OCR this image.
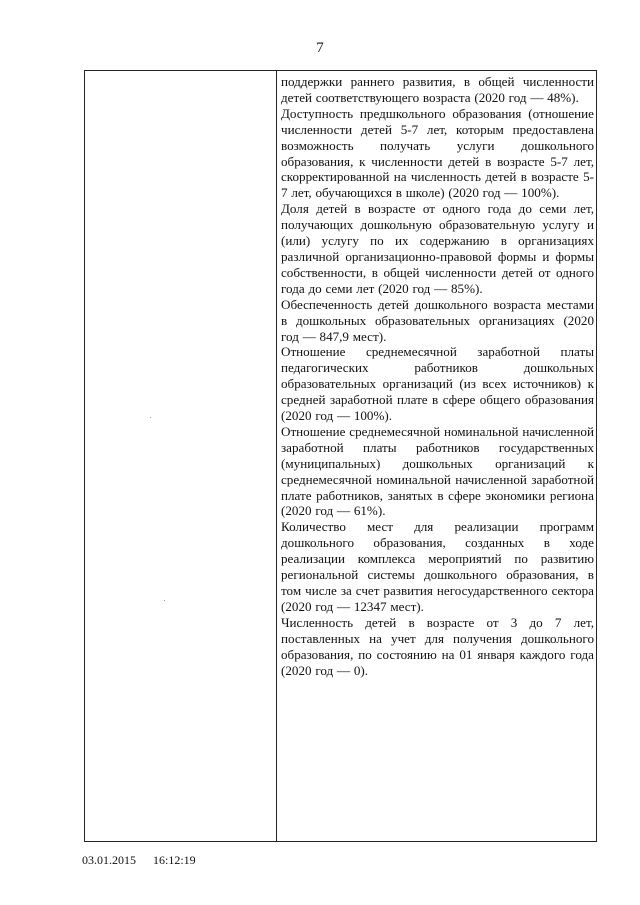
7

поддержки раннего развития, в общей численности детей соответствующего возраста (2020 год — 48%).

Доступность предшкольного образования (отношение численности детей 5-7 лет, которым предоставлена возможность получать услуги дошкольного образования, к численности детей в возрасте 5-7 лет, скорректированной на численность детей в возрасте 5-7 лет, обучающихся в школе) (2020 год — 100%).

Доля детей в возрасте от одного года до семи лет, получающих дошкольную образовательную услугу и (или) услугу по их содержанию в организациях различной организационно-правовой формы и формы собственности, в общей численности детей от одного года до семи лет (2020 год — 85%).

Обеспеченность детей дошкольного возраста местами в дошкольных образовательных организациях (2020 год — 847,9 мест).

Отношение среднемесячной заработной платы педагогических работников дошкольных образовательных организаций (из всех источников) к средней заработной плате в сфере общего образования (2020 год — 100%).

Отношение среднемесячной номинальной начисленной заработной платы работников государственных (муниципальных) дошкольных организаций к среднемесячной номинальной начисленной заработной плате работников, занятых в сфере экономики региона (2020 год — 61%).

Количество мест для реализации программ дошкольного образования, созданных в ходе реализации комплекса мероприятий по развитию региональной системы дошкольного образования, в том числе за счет развития негосударственного сектора (2020 год — 12347 мест).

Численность детей в возрасте от 3 до 7 лет, поставленных на учет для получения дошкольного образования, по состоянию на 01 января каждого года (2020 год — 0).

03.01.2015 16:12:19
